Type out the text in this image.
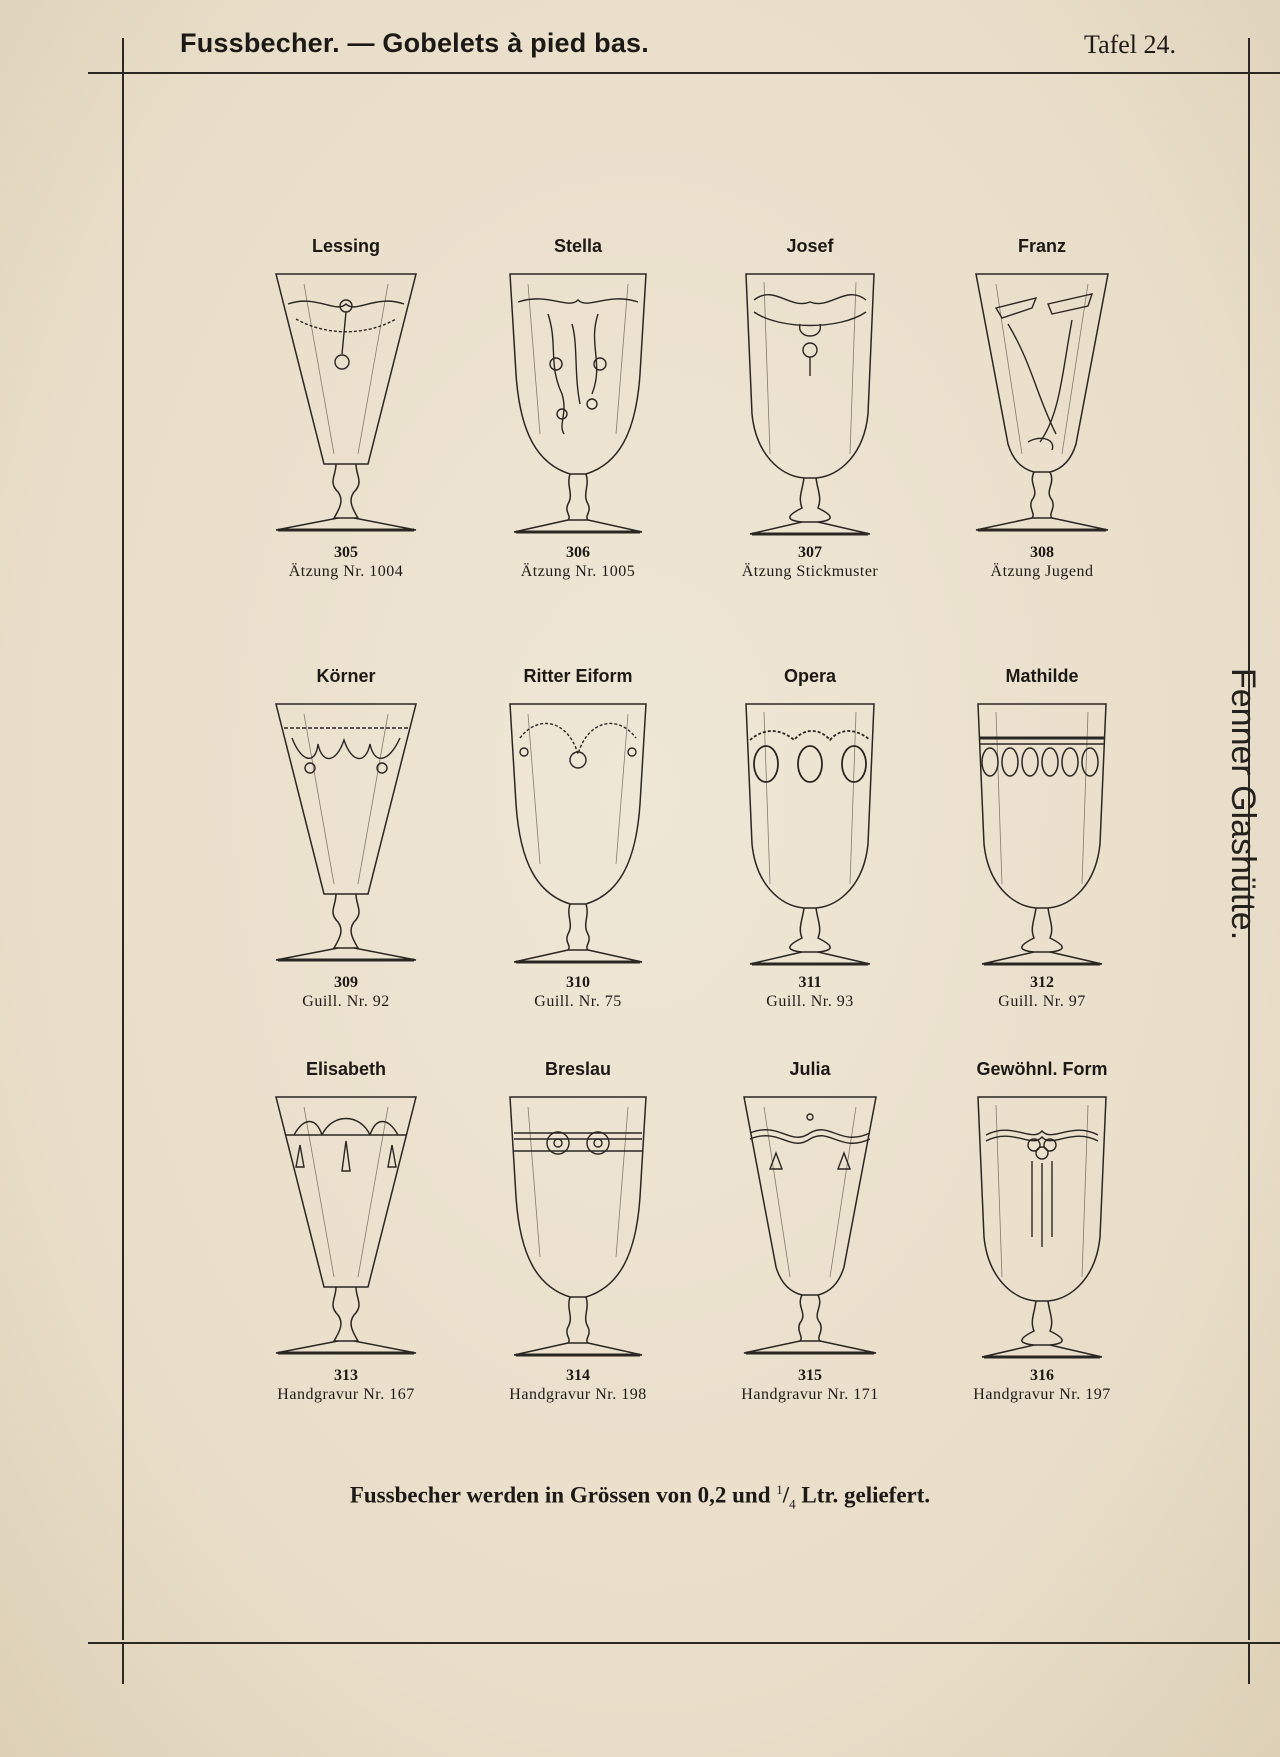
Fussbecher. — Gobelets à pied bas.	Tafel 24.
Fenner Glashütte.
Lessing
305
Ätzung Nr. 1004
Stella
306
Ätzung Nr. 1005
Josef
307
Ätzung Stickmuster
Franz
308
Ätzung Jugend
Körner
309
Guill. Nr. 92
Ritter Eiform
310
Guill. Nr. 75
Opera
311
Guill. Nr. 93
Mathilde
312
Guill. Nr. 97
Elisabeth
313
Handgravur Nr. 167
Breslau
314
Handgravur Nr. 198
Julia
315
Handgravur Nr. 171
Gewöhnl. Form
316
Handgravur Nr. 197
Fussbecher werden in Grössen von 0,2 und $^1/_4$ Ltr. geliefert.
